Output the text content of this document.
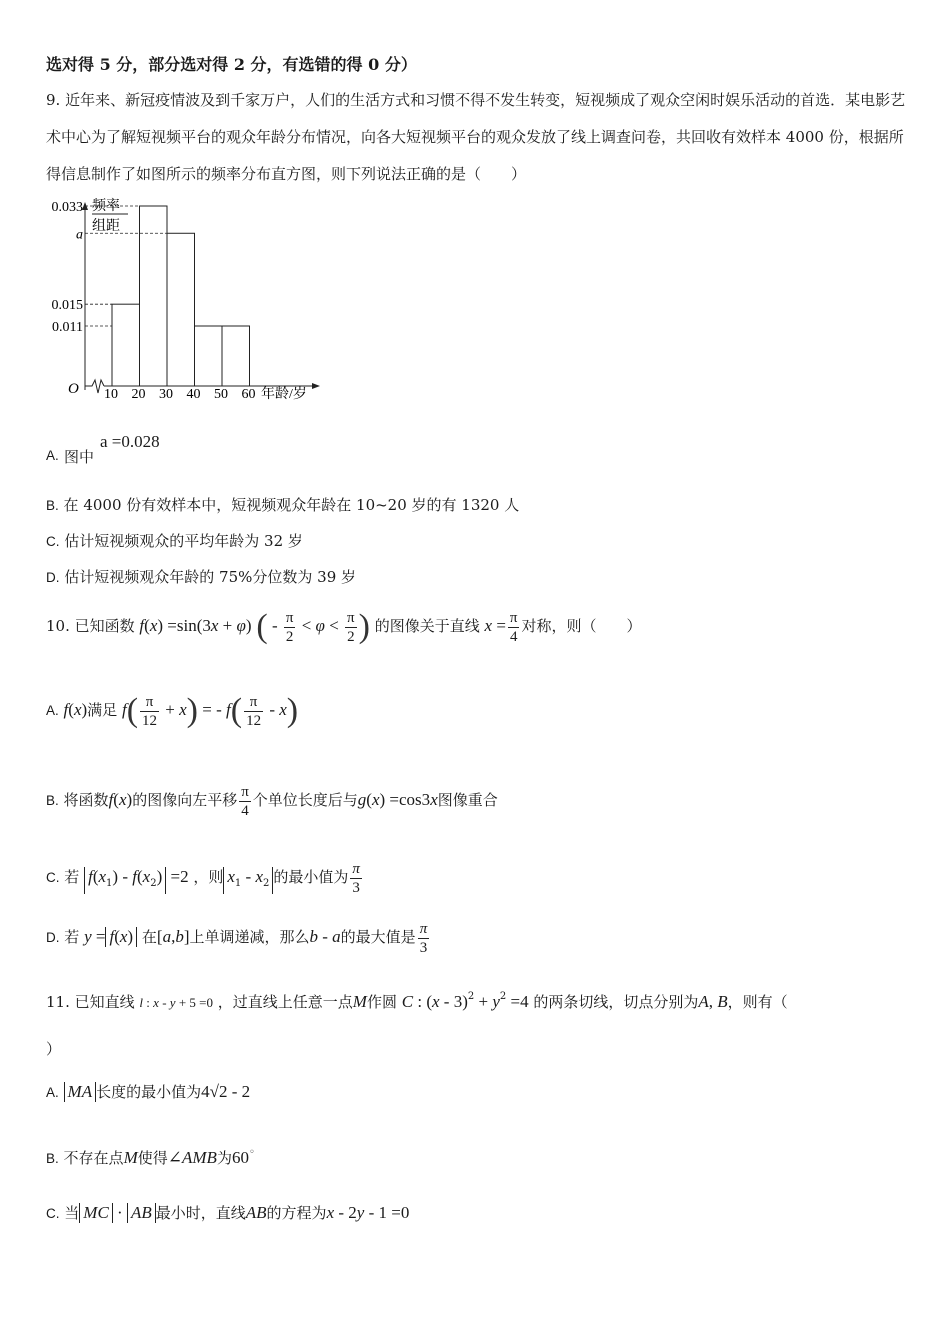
选对得 5 分，部分选对得 2 分，有选错的得 0 分）
9. 近年来、新冠疫情波及到千家万户，人们的生活方式和习惯不得不发生转变，短视频成了观众空闲时娱乐活动的首选．某电影艺术中心为了解短视频平台的观众年龄分布情况，向各大短视频平台的观众发放了线上调查问卷，共回收有效样本 4000 份，根据所得信息制作了如图所示的频率分布直方图，则下列说法正确的是（　　）
频率
组距
O	年龄/岁
10 20 30 40 50 60
0.033
a
0.015
0.011
A. 图中
a =0.028
B. 在 4000 份有效样本中，短视频观众年龄在 10~20 岁的有 1320 人
C. 估计短视频观众的平均年龄为 32 岁
D. 估计短视频观众年龄的 75%分位数为 39 岁
10. 已知函数 f(x) =sin(3x + φ) ( - $\frac{\pi}{2} < \varphi < \frac{\pi}{2}$ ) 的图像关于直线 $x = \frac{\pi}{4}$ 对称，则（　　）
A. f(x)满足 $f( \frac{\pi}{12} + x)$ = - $f( \frac{\pi}{12} - x)$
B. 将函数f(x)的图像向左平移 $\frac{\pi}{4}$ 个单位长度后与g(x) =cos3x图像重合
C. 若 $f(x_1) - f(x_2) =2$ ，则 $x_1 - x_2$ 的最小值为 $\frac{\pi}{3}$
D. 若 y = f(x) 在[a,b]上单调递减，那么b - a的最大值是 $\frac{\pi}{3}$
11. 已知直线 l : x - y + 5 =0 ，过直线上任意一点M作圆 C : $(x - 3)^2 + y^2 =4$ 的两条切线，切点分别为A, B，则有（
）
A. MA 长度的最小值为4√2 - 2
B. 不存在点M使得∠AMB为60◦
C. 当 MC · AB 最小时，直线AB的方程为x - 2y - 1 =0
